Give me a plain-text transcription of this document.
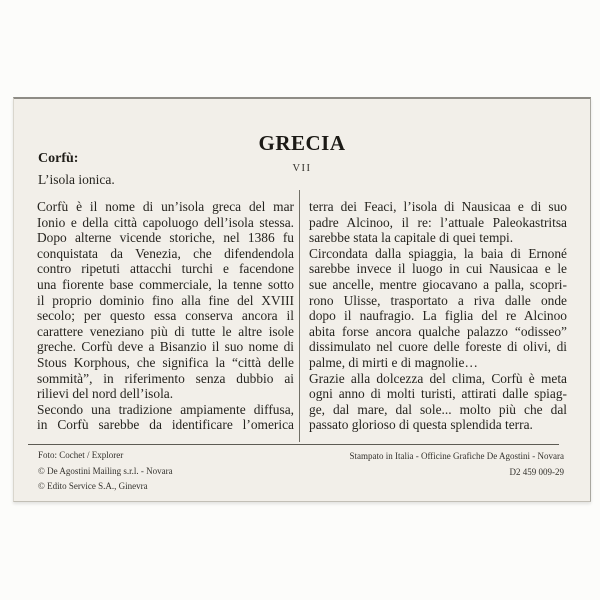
GRECIA
VII
Corfù:
L’isola ionica.
Corfù è il nome di un’isola greca del mar
Ionio e della città capoluogo dell’isola stessa.
Dopo alterne vicende storiche, nel 1386 fu
conquistata da Venezia, che difendendola
contro ripetuti attacchi turchi e facendone
una fiorente base commerciale, la tenne sotto
il proprio dominio fino alla fine del XVIII
secolo; per questo essa conserva ancora il
carattere veneziano più di tutte le altre isole
greche. Corfù deve a Bisanzio il suo nome di
Stous Korphous, che significa la “città delle
sommità”, in riferimento senza dubbio ai
rilievi del nord dell’isola.
Secondo una tradizione ampiamente diffusa,
in Corfù sarebbe da identificare l’omerica
terra dei Feaci, l’isola di Nausicaa e di suo
padre Alcinoo, il re: l’attuale Paleokastritsa
sarebbe stata la capitale di quei tempi.
Circondata dalla spiaggia, la baia di Ernoné
sarebbe invece il luogo in cui Nausicaa e le
sue ancelle, mentre giocavano a palla, scopri-
rono Ulisse, trasportato a riva dalle onde
dopo il naufragio. La figlia del re Alcinoo
abita forse ancora qualche palazzo “odisseo”
dissimulato nel cuore delle foreste di olivi, di
palme, di mirti e di magnolie…
Grazie alla dolcezza del clima, Corfù è meta
ogni anno di molti turisti, attirati dalle spiag-
ge, dal mare, dal sole... molto più che dal
passato glorioso di questa splendida terra.
Foto: Cochet / Explorer
© De Agostini Mailing s.r.l. - Novara
© Edito Service S.A., Ginevra
Stampato in Italia - Officine Grafiche De Agostini - Novara
D2 459 009-29
